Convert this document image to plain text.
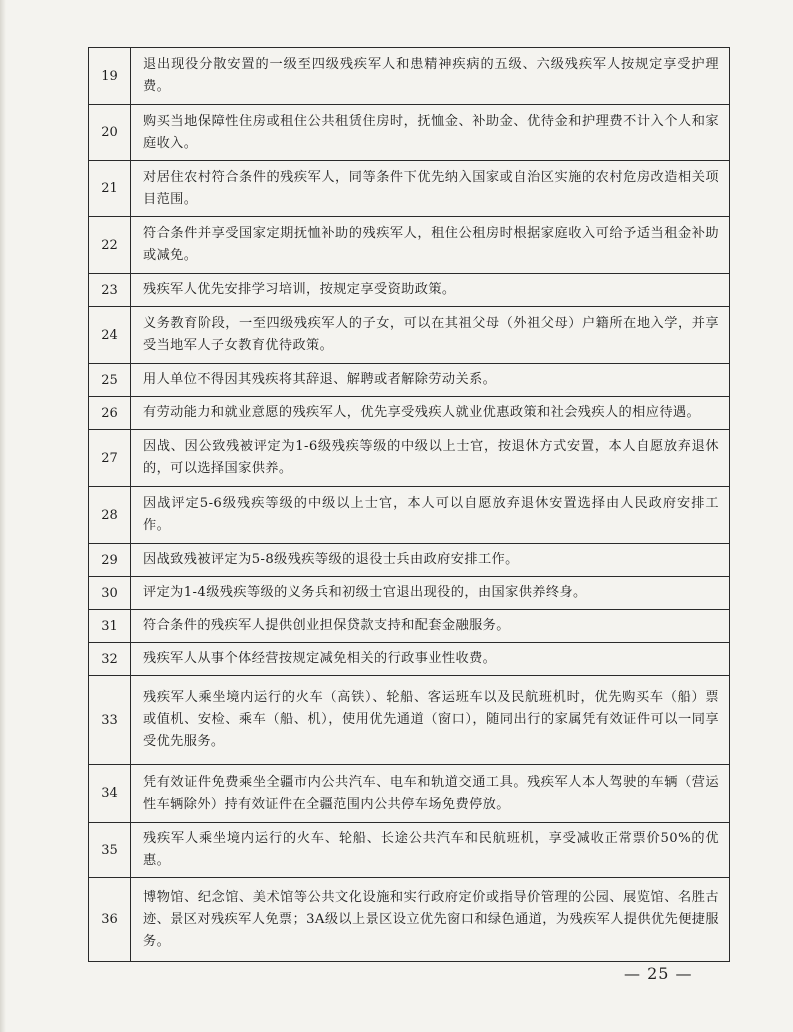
19	退出现役分散安置的一级至四级残疾军人和患精神疾病的五级、六级残疾军人按规定享受护理费。
20	购买当地保障性住房或租住公共租赁住房时，抚恤金、补助金、优待金和护理费不计入个人和家庭收入。
21	对居住农村符合条件的残疾军人，同等条件下优先纳入国家或自治区实施的农村危房改造相关项目范围。
22	符合条件并享受国家定期抚恤补助的残疾军人，租住公租房时根据家庭收入可给予适当租金补助或减免。
23	残疾军人优先安排学习培训，按规定享受资助政策。
24	义务教育阶段，一至四级残疾军人的子女，可以在其祖父母（外祖父母）户籍所在地入学，并享受当地军人子女教育优待政策。
25	用人单位不得因其残疾将其辞退、解聘或者解除劳动关系。
26	有劳动能力和就业意愿的残疾军人，优先享受残疾人就业优惠政策和社会残疾人的相应待遇。
27	因战、因公致残被评定为1-6级残疾等级的中级以上士官，按退休方式安置，本人自愿放弃退休的，可以选择国家供养。
28	因战评定5-6级残疾等级的中级以上士官，本人可以自愿放弃退休安置选择由人民政府安排工作。
29	因战致残被评定为5-8级残疾等级的退役士兵由政府安排工作。
30	评定为1-4级残疾等级的义务兵和初级士官退出现役的，由国家供养终身。
31	符合条件的残疾军人提供创业担保贷款支持和配套金融服务。
32	残疾军人从事个体经营按规定减免相关的行政事业性收费。
33	残疾军人乘坐境内运行的火车（高铁）、轮船、客运班车以及民航班机时，优先购买车（船）票或值机、安检、乘车（船、机），使用优先通道（窗口），随同出行的家属凭有效证件可以一同享受优先服务。
34	凭有效证件免费乘坐全疆市内公共汽车、电车和轨道交通工具。残疾军人本人驾驶的车辆（营运性车辆除外）持有效证件在全疆范围内公共停车场免费停放。
35	残疾军人乘坐境内运行的火车、轮船、长途公共汽车和民航班机，享受减收正常票价50%的优惠。
36	博物馆、纪念馆、美术馆等公共文化设施和实行政府定价或指导价管理的公园、展览馆、名胜古迹、景区对残疾军人免票；3A级以上景区设立优先窗口和绿色通道，为残疾军人提供优先便捷服务。
— 25 —
